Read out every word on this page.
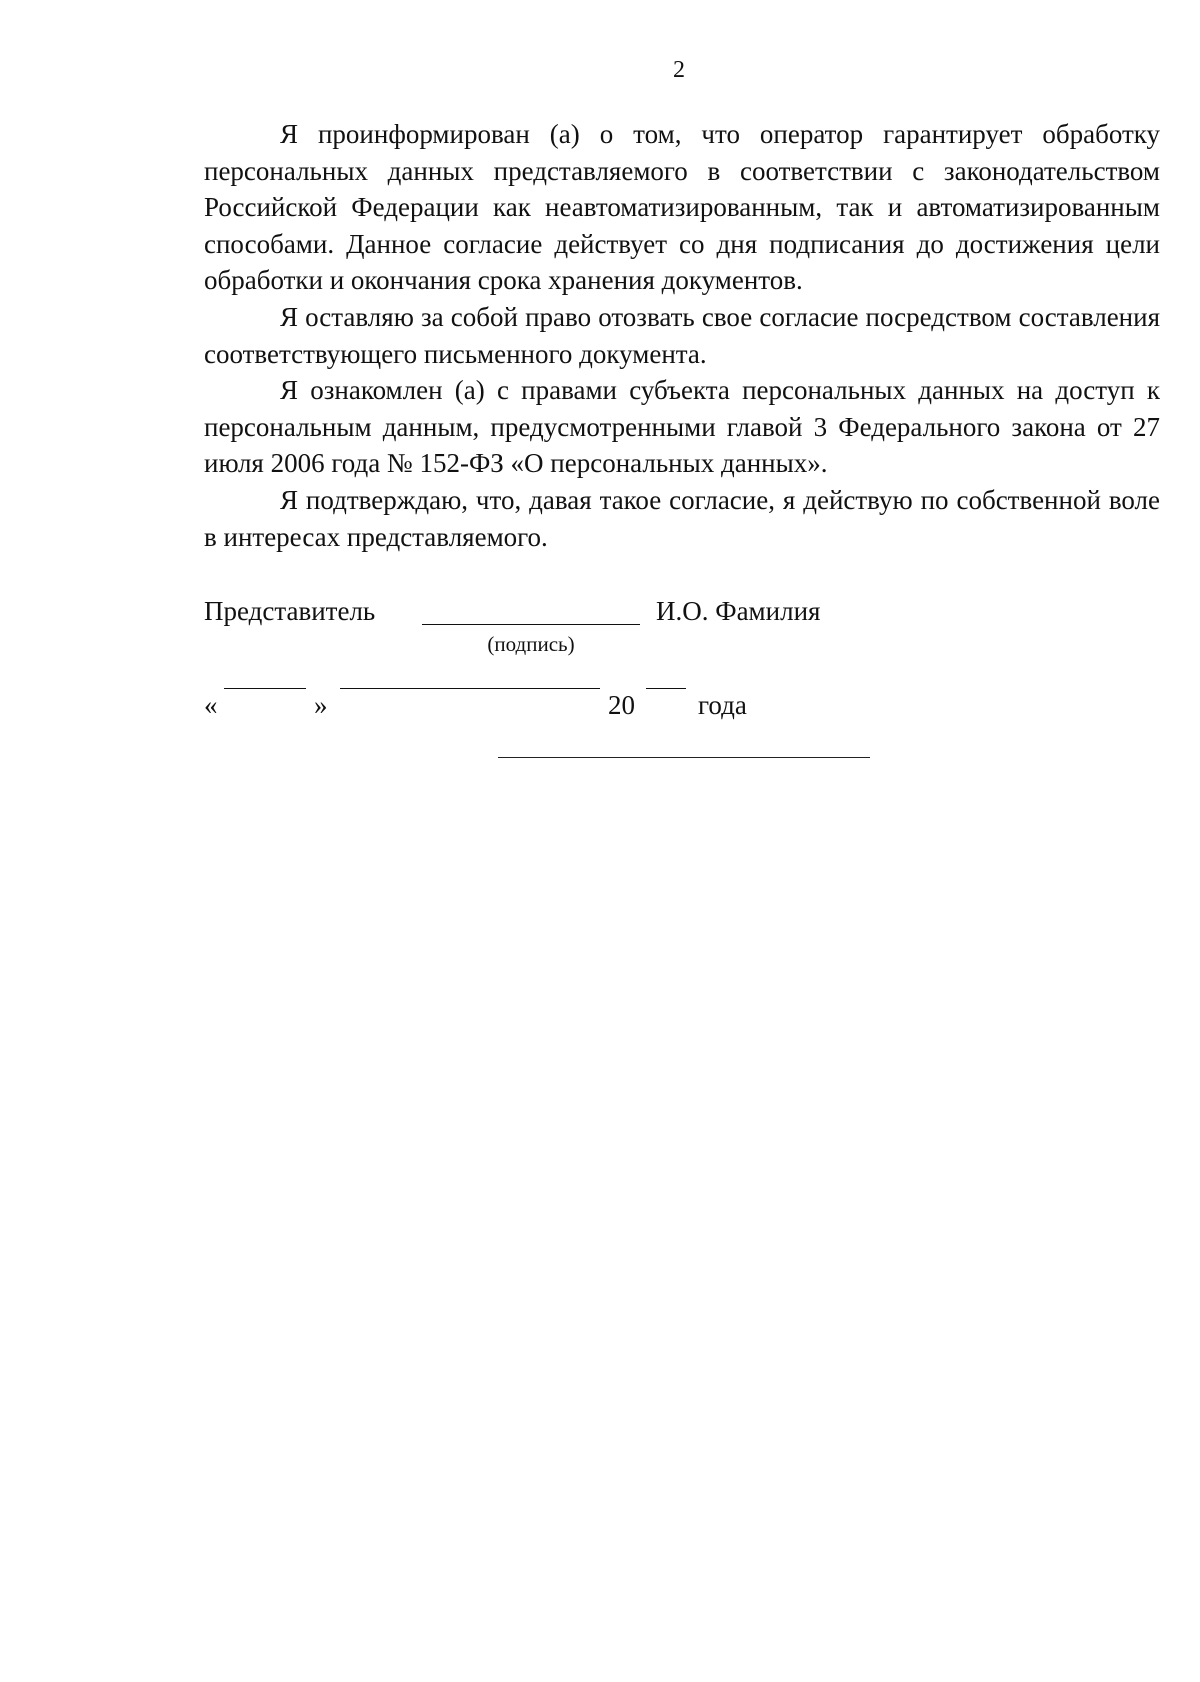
2

Я проинформирован (а) о том, что оператор гарантирует обработку персональных данных представляемого в соответствии с законодательством Российской Федерации как неавтоматизированным, так и автоматизированным способами. Данное согласие действует со дня подписания до достижения цели обработки и окончания срока хранения документов.

Я оставляю за собой право отозвать свое согласие посредством составления соответствующего письменного документа.

Я ознакомлен (а) с правами субъекта персональных данных на доступ к персональным данным, предусмотренными главой 3 Федерального закона от 27 июля 2006 года № 152-ФЗ «О персональных данных».

Я подтверждаю, что, давая такое согласие, я действую по собственной воле в интересах представляемого.

Представитель
(подпись)
И.О. Фамилия
«	»	20 года
